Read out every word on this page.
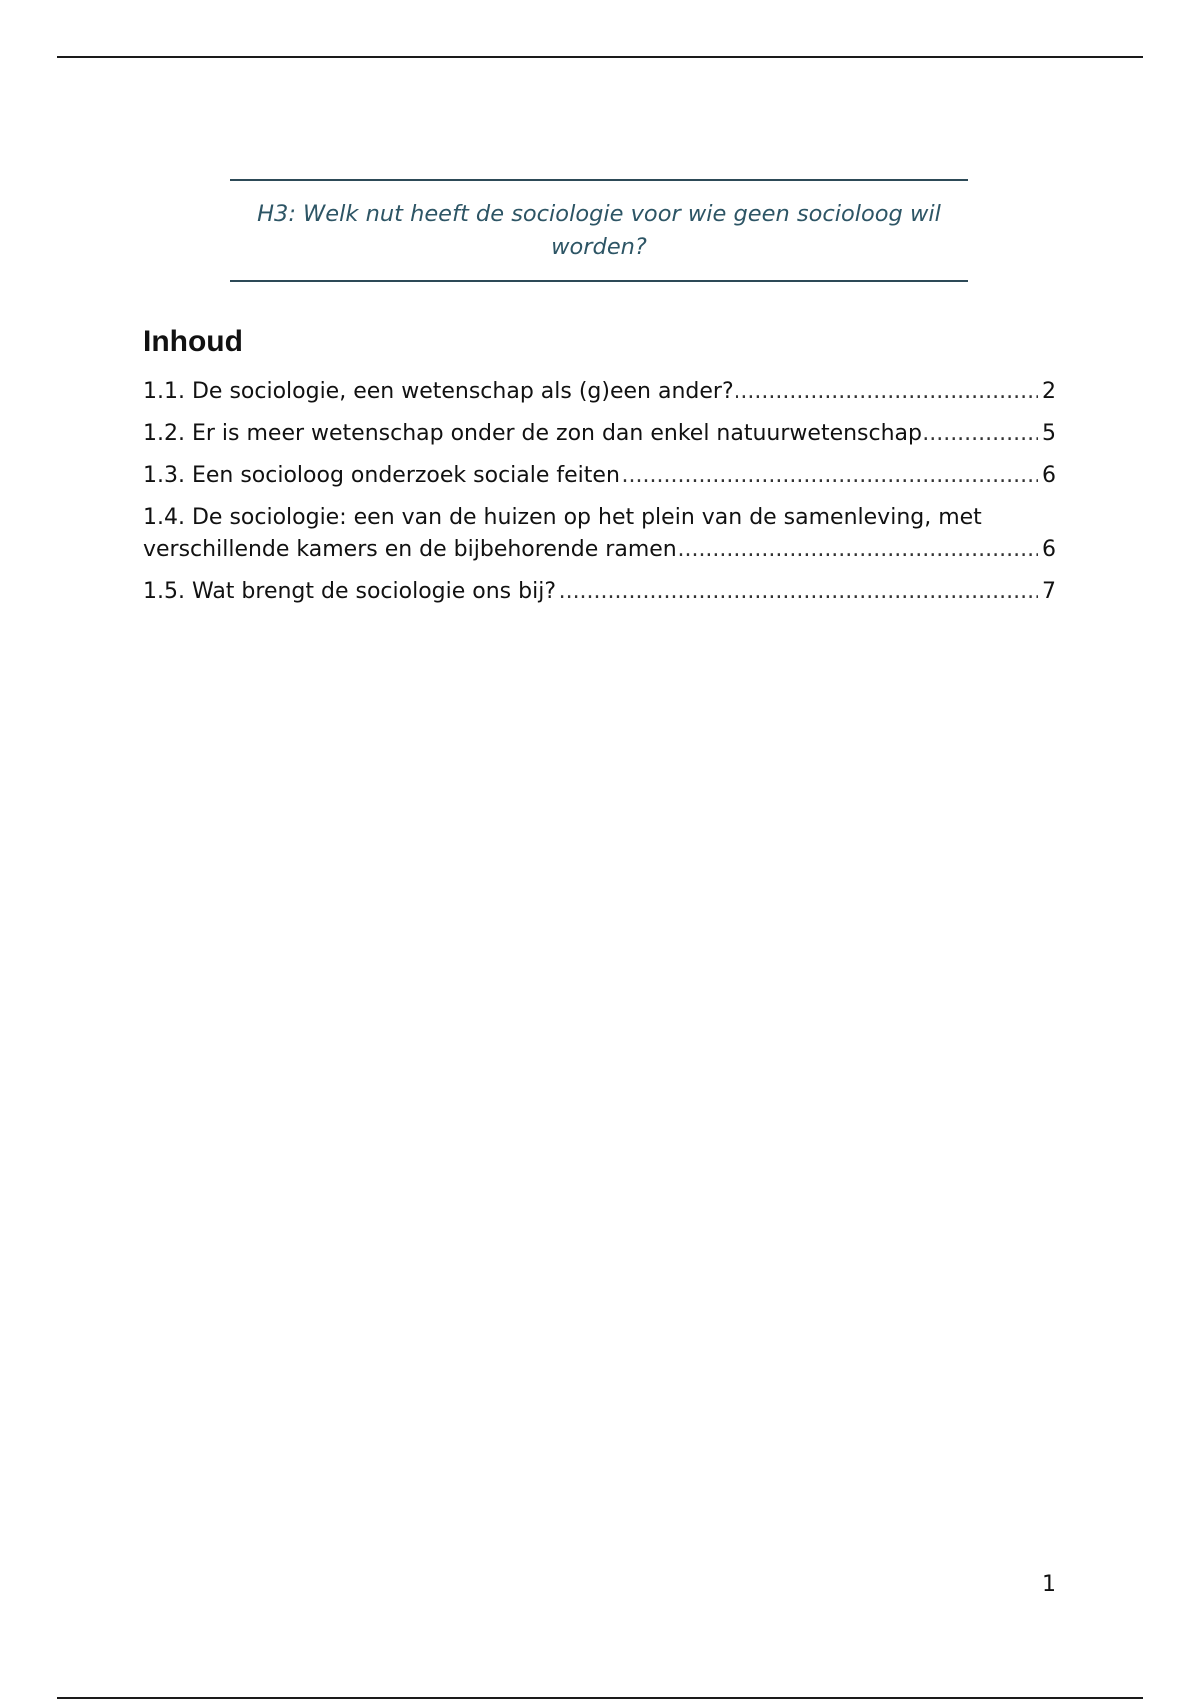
H3: Welk nut heeft de sociologie voor wie geen socioloog wil worden?
Inhoud
1.1. De sociologie, een wetenschap als (g)een ander? .....	2
1.2. Er is meer wetenschap onder de zon dan enkel natuurwetenschap .....	5
1.3. Een socioloog onderzoek sociale feiten .....	6
1.4. De sociologie: een van de huizen op het plein van de samenleving, met verschillende kamers en de bijbehorende ramen .....	6
1.5. Wat brengt de sociologie ons bij? .....	7
1
